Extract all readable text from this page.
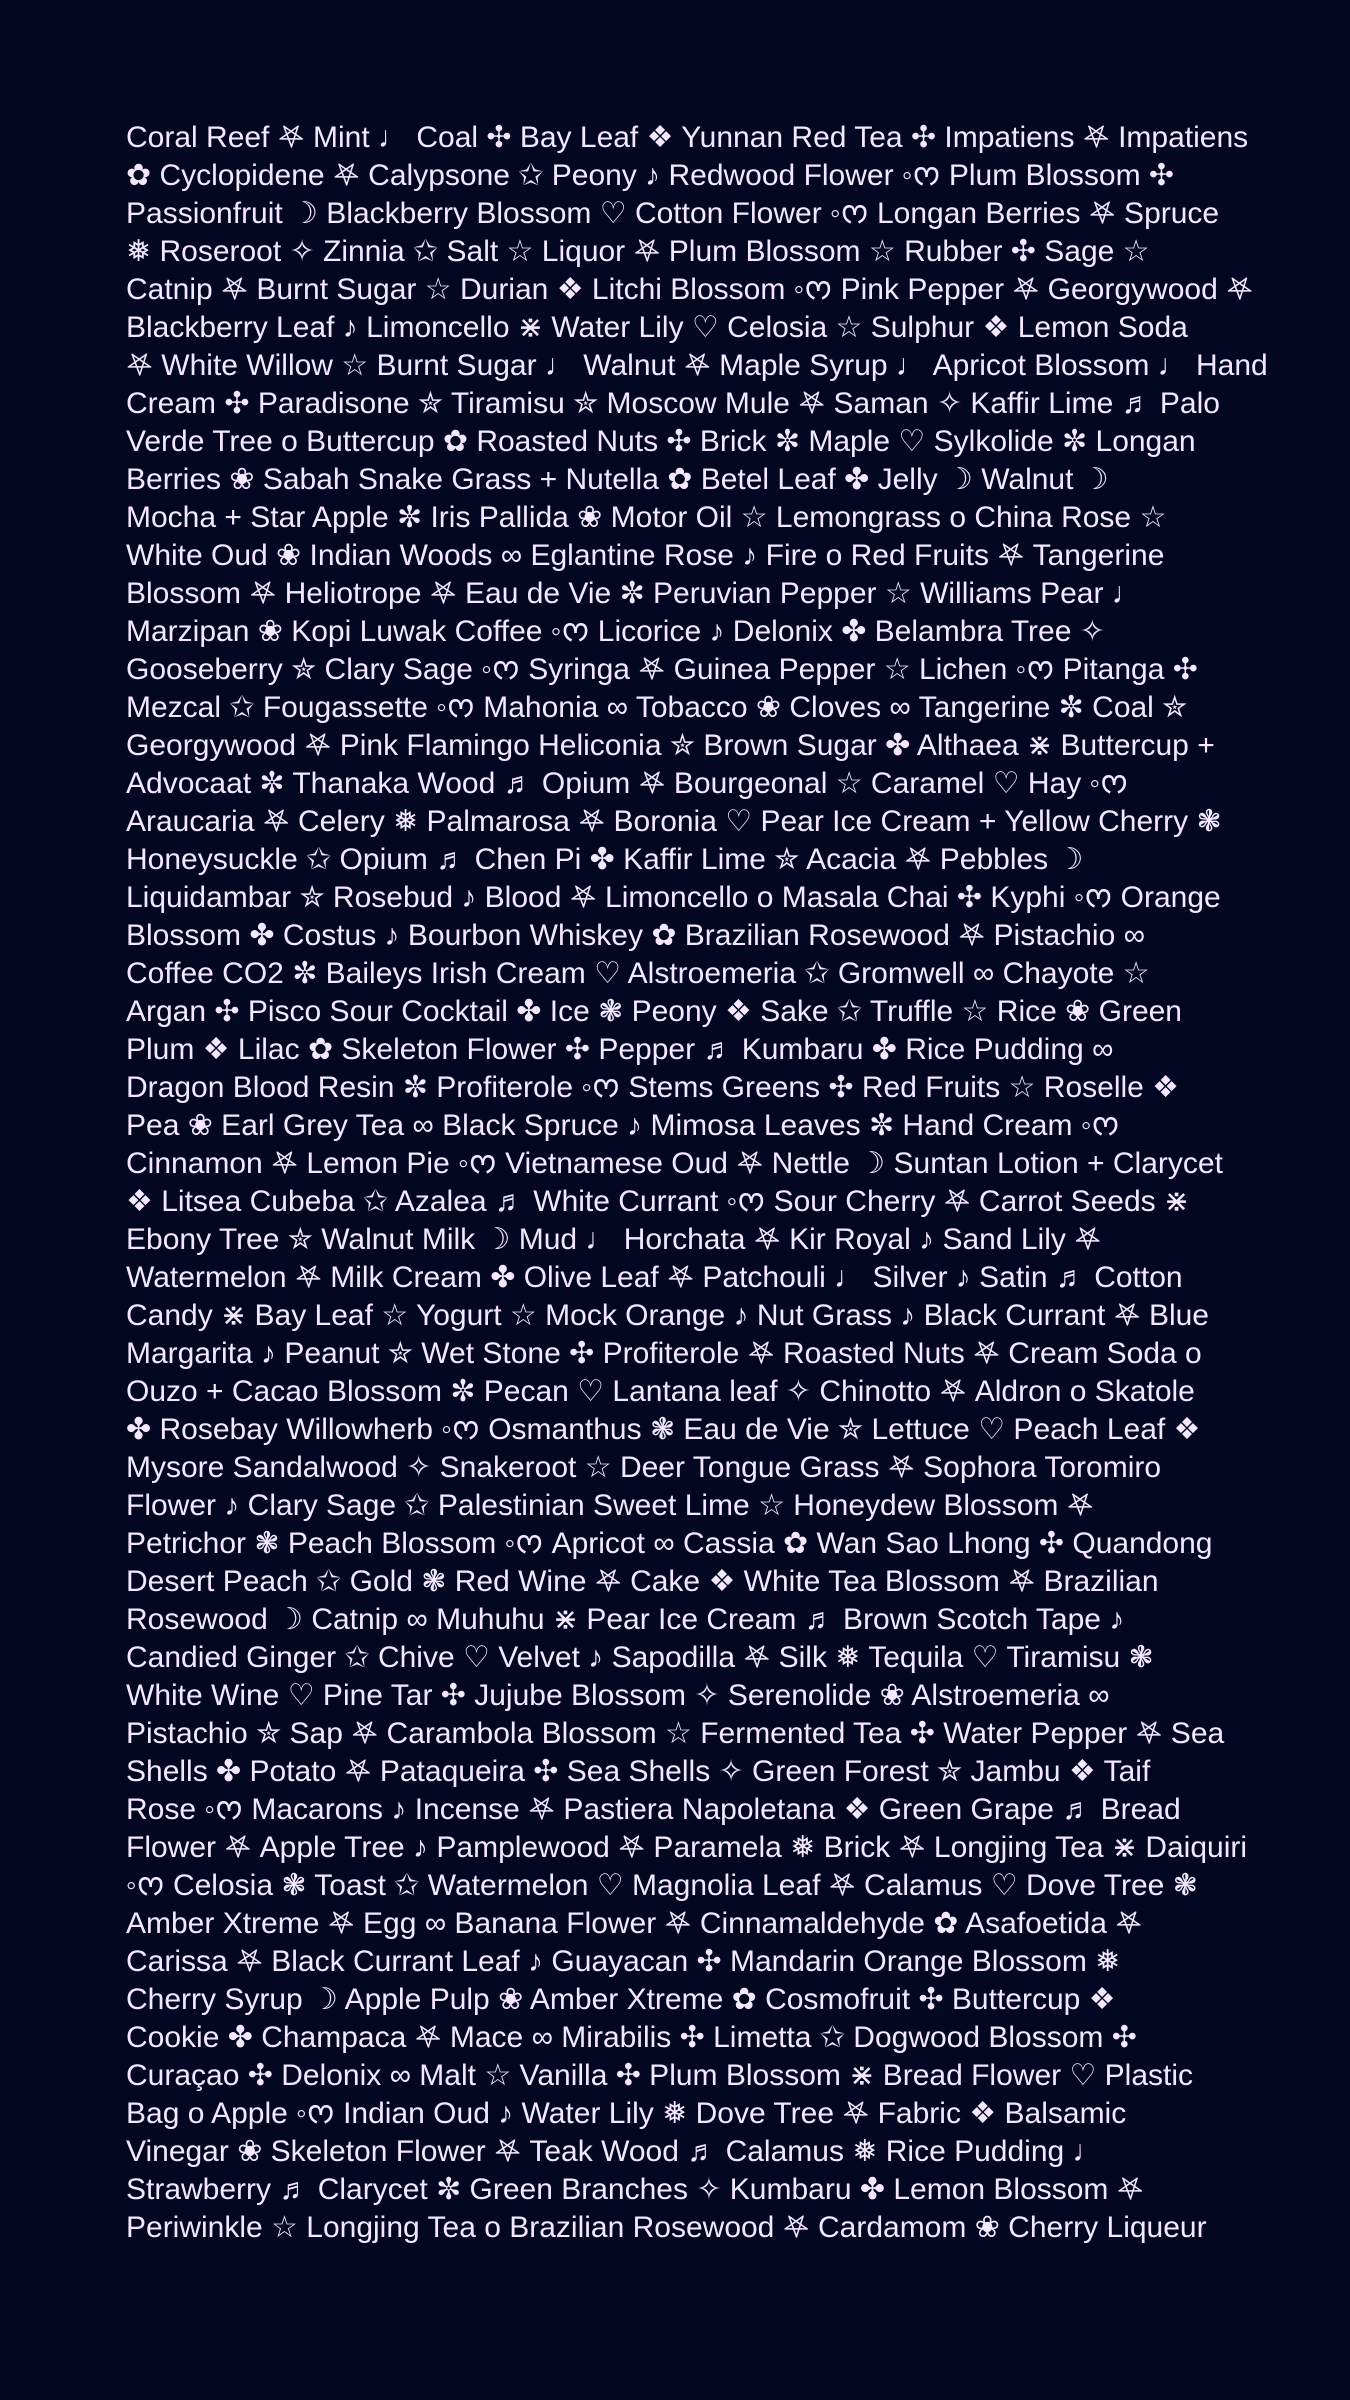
Coral Reef 𖤐 Mint ♩ Coal ✣ Bay Leaf ❖ Yunnan Red Tea ✣ Impatiens 𖤐 Impatiens
✿ Cyclopidene 𖤐 Calypsone ✩ Peony ♪ Redwood Flower ◦ᰔ Plum Blossom ✣
Passionfruit ☽ Blackberry Blossom ♡ Cotton Flower ◦ᰔ Longan Berries 𖤐 Spruce
❅ Roseroot ✧ Zinnia ✩ Salt ☆ Liquor 𖤐 Plum Blossom ☆ Rubber ✣ Sage ☆
Catnip 𖤐 Burnt Sugar ☆ Durian ❖ Litchi Blossom ◦ᰔ Pink Pepper 𖤐 Georgywood 𖤐
Blackberry Leaf ♪ Limoncello ⋇ Water Lily ♡ Celosia ☆ Sulphur ❖ Lemon Soda
𖤐 White Willow ☆ Burnt Sugar ♩ Walnut 𖤐 Maple Syrup ♩ Apricot Blossom ♩ Hand
Cream ✣ Paradisone ✮ Tiramisu ✮ Moscow Mule 𖤐 Saman ✧ Kaffir Lime ♬ Palo
Verde Tree o Buttercup ✿ Roasted Nuts ✣ Brick ✼ Maple ♡ Sylkolide ✼ Longan
Berries ❀ Sabah Snake Grass + Nutella ✿ Betel Leaf ✤ Jelly ☽ Walnut ☽
Mocha + Star Apple ✼ Iris Pallida ❀ Motor Oil ☆ Lemongrass o China Rose ☆
White Oud ❀ Indian Woods ∞ Eglantine Rose ♪ Fire o Red Fruits 𖤐 Tangerine
Blossom 𖤐 Heliotrope 𖤐 Eau de Vie ✼ Peruvian Pepper ☆ Williams Pear ♩
Marzipan ❀ Kopi Luwak Coffee ◦ᰔ Licorice ♪ Delonix ✤ Belambra Tree ✧
Gooseberry ✮ Clary Sage ◦ᰔ Syringa 𖤐 Guinea Pepper ☆ Lichen ◦ᰔ Pitanga ✣
Mezcal ✩ Fougassette ◦ᰔ Mahonia ∞ Tobacco ❀ Cloves ∞ Tangerine ✼ Coal ✮
Georgywood 𖤐 Pink Flamingo Heliconia ✮ Brown Sugar ✤ Althaea ⋇ Buttercup +
Advocaat ✼ Thanaka Wood ♬ Opium 𖤐 Bourgeonal ☆ Caramel ♡ Hay ◦ᰔ
Araucaria 𖤐 Celery ❅ Palmarosa 𖤐 Boronia ♡ Pear Ice Cream + Yellow Cherry ❃
Honeysuckle ✩ Opium ♬ Chen Pi ✤ Kaffir Lime ✮ Acacia 𖤐 Pebbles ☽
Liquidambar ✮ Rosebud ♪ Blood 𖤐 Limoncello o Masala Chai ✣ Kyphi ◦ᰔ Orange
Blossom ✤ Costus ♪ Bourbon Whiskey ✿ Brazilian Rosewood 𖤐 Pistachio ∞
Coffee CO2 ✼ Baileys Irish Cream ♡ Alstroemeria ✩ Gromwell ∞ Chayote ☆
Argan ✣ Pisco Sour Cocktail ✤ Ice ❃ Peony ❖ Sake ✩ Truffle ☆ Rice ❀ Green
Plum ❖ Lilac ✿ Skeleton Flower ✣ Pepper ♬ Kumbaru ✤ Rice Pudding ∞
Dragon Blood Resin ✼ Profiterole ◦ᰔ Stems Greens ✣ Red Fruits ☆ Roselle ❖
Pea ❀ Earl Grey Tea ∞ Black Spruce ♪ Mimosa Leaves ✼ Hand Cream ◦ᰔ
Cinnamon 𖤐 Lemon Pie ◦ᰔ Vietnamese Oud 𖤐 Nettle ☽ Suntan Lotion + Clarycet
❖ Litsea Cubeba ✩ Azalea ♬ White Currant ◦ᰔ Sour Cherry 𖤐 Carrot Seeds ⋇
Ebony Tree ✮ Walnut Milk ☽ Mud ♩ Horchata 𖤐 Kir Royal ♪ Sand Lily 𖤐
Watermelon 𖤐 Milk Cream ✤ Olive Leaf 𖤐 Patchouli ♩ Silver ♪ Satin ♬ Cotton
Candy ⋇ Bay Leaf ☆ Yogurt ☆ Mock Orange ♪ Nut Grass ♪ Black Currant 𖤐 Blue
Margarita ♪ Peanut ✮ Wet Stone ✣ Profiterole 𖤐 Roasted Nuts 𖤐 Cream Soda o
Ouzo + Cacao Blossom ✼ Pecan ♡ Lantana leaf ✧ Chinotto 𖤐 Aldron o Skatole
✤ Rosebay Willowherb ◦ᰔ Osmanthus ❃ Eau de Vie ✮ Lettuce ♡ Peach Leaf ❖
Mysore Sandalwood ✧ Snakeroot ☆ Deer Tongue Grass 𖤐 Sophora Toromiro
Flower ♪ Clary Sage ✩ Palestinian Sweet Lime ☆ Honeydew Blossom 𖤐
Petrichor ❃ Peach Blossom ◦ᰔ Apricot ∞ Cassia ✿ Wan Sao Lhong ✣ Quandong
Desert Peach ✩ Gold ❃ Red Wine 𖤐 Cake ❖ White Tea Blossom 𖤐 Brazilian
Rosewood ☽ Catnip ∞ Muhuhu ⋇ Pear Ice Cream ♬ Brown Scotch Tape ♪
Candied Ginger ✩ Chive ♡ Velvet ♪ Sapodilla 𖤐 Silk ❅ Tequila ♡ Tiramisu ❃
White Wine ♡ Pine Tar ✣ Jujube Blossom ✧ Serenolide ❀ Alstroemeria ∞
Pistachio ✮ Sap 𖤐 Carambola Blossom ☆ Fermented Tea ✣ Water Pepper 𖤐 Sea
Shells ✤ Potato 𖤐 Pataqueira ✣ Sea Shells ✧ Green Forest ✮ Jambu ❖ Taif
Rose ◦ᰔ Macarons ♪ Incense 𖤐 Pastiera Napoletana ❖ Green Grape ♬ Bread
Flower 𖤐 Apple Tree ♪ Pamplewood 𖤐 Paramela ❅ Brick 𖤐 Longjing Tea ⋇ Daiquiri
◦ᰔ Celosia ❃ Toast ✩ Watermelon ♡ Magnolia Leaf 𖤐 Calamus ♡ Dove Tree ❃
Amber Xtreme 𖤐 Egg ∞ Banana Flower 𖤐 Cinnamaldehyde ✿ Asafoetida 𖤐
Carissa 𖤐 Black Currant Leaf ♪ Guayacan ✣ Mandarin Orange Blossom ❅
Cherry Syrup ☽ Apple Pulp ❀ Amber Xtreme ✿ Cosmofruit ✣ Buttercup ❖
Cookie ✤ Champaca 𖤐 Mace ∞ Mirabilis ✣ Limetta ✩ Dogwood Blossom ✣
Curaçao ✣ Delonix ∞ Malt ☆ Vanilla ✣ Plum Blossom ⋇ Bread Flower ♡ Plastic
Bag o Apple ◦ᰔ Indian Oud ♪ Water Lily ❅ Dove Tree 𖤐 Fabric ❖ Balsamic
Vinegar ❀ Skeleton Flower 𖤐 Teak Wood ♬ Calamus ❅ Rice Pudding ♩
Strawberry ♬ Clarycet ✼ Green Branches ✧ Kumbaru ✤ Lemon Blossom 𖤐
Periwinkle ☆ Longjing Tea o Brazilian Rosewood 𖤐 Cardamom ❀ Cherry Liqueur
